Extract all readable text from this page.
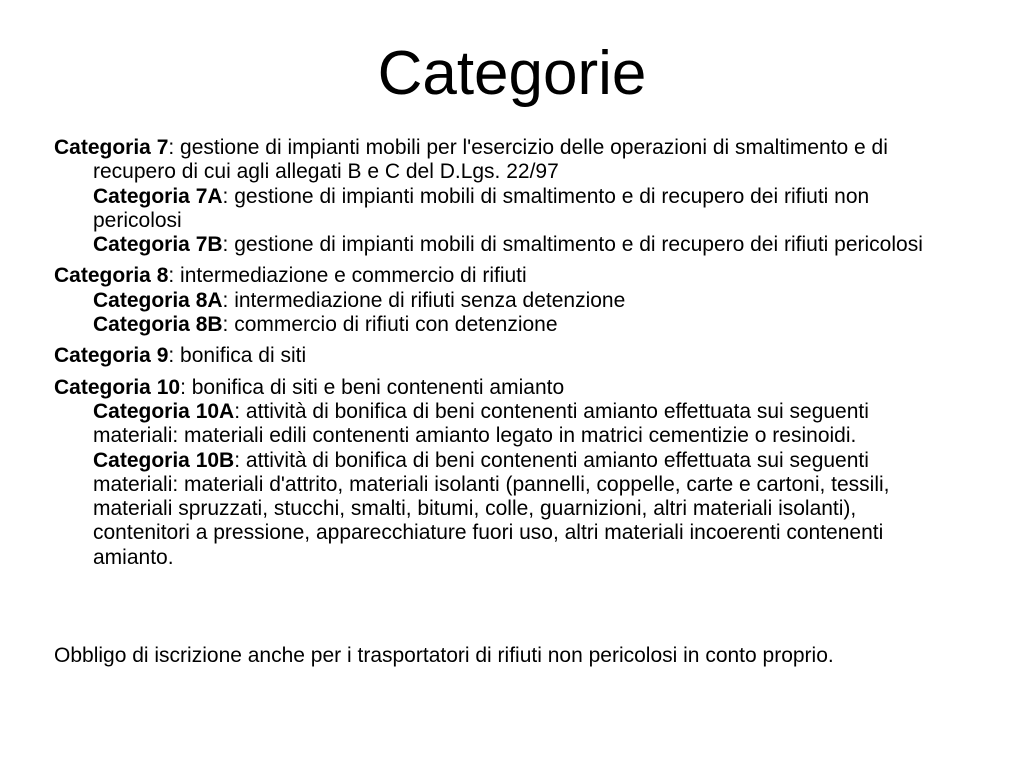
Categorie

Categoria 7: gestione di impianti mobili per l'esercizio delle operazioni di smaltimento e di recupero di cui agli allegati B e C del D.Lgs. 22/97
Categoria 7A: gestione di impianti mobili di smaltimento e di recupero dei rifiuti non pericolosi
Categoria 7B: gestione di impianti mobili di smaltimento e di recupero dei rifiuti pericolosi

Categoria 8: intermediazione e commercio di rifiuti
Categoria 8A: intermediazione di rifiuti senza detenzione
Categoria 8B: commercio di rifiuti con detenzione

Categoria 9: bonifica di siti

Categoria 10: bonifica di siti e beni contenenti amianto
Categoria 10A: attività di bonifica di beni contenenti amianto effettuata sui seguenti materiali: materiali edili contenenti amianto legato in matrici cementizie o resinoidi.
Categoria 10B: attività di bonifica di beni contenenti amianto effettuata sui seguenti materiali: materiali d'attrito, materiali isolanti (pannelli, coppelle, carte e cartoni, tessili, materiali spruzzati, stucchi, smalti, bitumi, colle, guarnizioni, altri materiali isolanti), contenitori a pressione, apparecchiature fuori uso, altri materiali incoerenti contenenti amianto.

Obbligo di iscrizione anche per i trasportatori di rifiuti non pericolosi in conto proprio.
